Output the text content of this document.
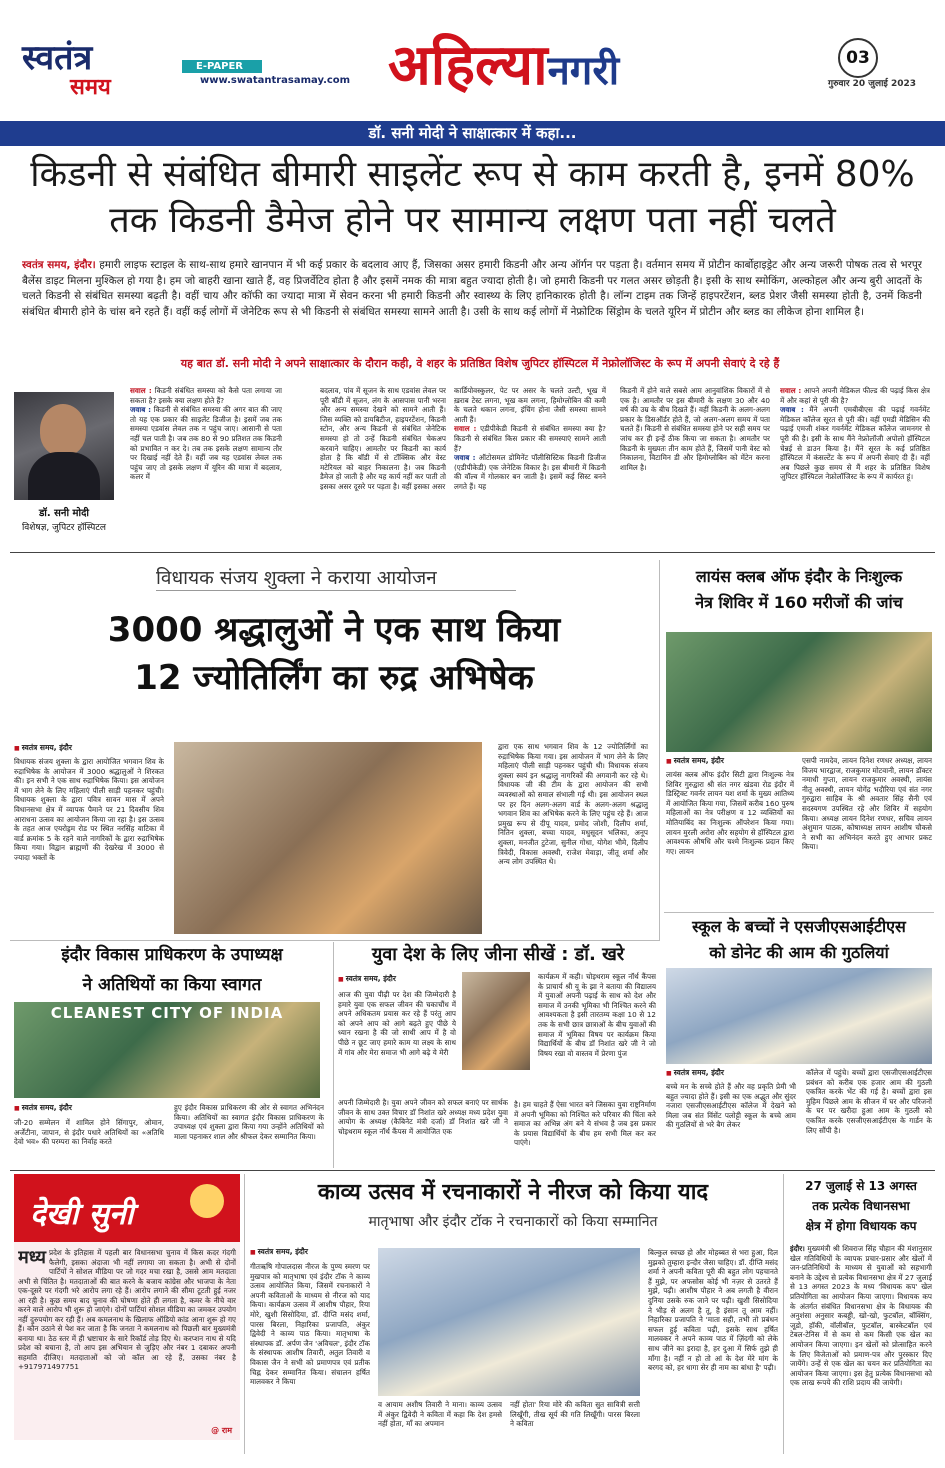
स्वतंत्र
समय
E-PAPER
www.swatantrasamay.com अहिल्यानगरी	03
गुरुवार 20 जुलाई 2023
डॉ. सनी मोदी ने साक्षात्कार में कहा...
किडनी से संबंधित बीमारी साइलेंट रूप से काम करती है, इनमें 80%
तक किडनी डैमेज होने पर सामान्य लक्षण पता नहीं चलते
स्वतंत्र समय, इंदौर। हमारी लाइफ स्टाइल के साथ-साथ हमारे खानपान में भी कई प्रकार के बदलाव आए हैं, जिसका असर हमारी किडनी और अन्य ऑर्गन पर पड़ता है। वर्तमान समय में प्रोटीन कार्बोहाइड्रेट और अन्य जरूरी पोषक तत्व से भरपूर बैलेंस डाइट मिलना मुश्किल हो गया है। हम जो बाहरी खाना खाते हैं, वह प्रिजर्वेटिव होता है और इसमें नमक की मात्रा बहुत ज्यादा होती है। जो हमारी किडनी पर गलत असर छोड़ती है। इसी के साथ स्मोकिंग, अल्कोहल और अन्य बुरी आदतों के चलते किडनी से संबंधित समस्या बढ़ती है। वहीं चाय और कॉफी का ज्यादा मात्रा में सेवन करना भी हमारी किडनी और स्वास्थ्य के लिए हानिकारक होती है। लॉन्ग टाइम तक जिन्हें हाइपरटेंशन, ब्लड प्रेशर जैसी समस्या होती है, उनमें किडनी संबंधित बीमारी होने के चांस बने रहते हैं। वहीं कई लोगों में जेनेटिक रूप से भी किडनी से संबंधित समस्या सामने आती है। उसी के साथ कई लोगों में नेफ्रोटिक सिंड्रोम के चलते यूरिन में प्रोटीन और ब्लड का लीकेज होना शामिल है।
यह बात डॉ. सनी मोदी ने अपने साक्षात्कार के दौरान कही, वे शहर के प्रतिष्ठित विशेष जुपिटर हॉस्पिटल में नेफ्रोलॉजिस्ट के रूप में अपनी सेवाएं दे रहे हैं
डॉ. सनी मोदी
विशेषज्ञ, जुपिटर हॉस्पिटल
सवाल : किडनी संबंधित समस्या को कैसे पता लगाया जा सकता है? इसके क्या लक्षण होते हैं?
जवाब : किडनी से संबंधित समस्या की अगर बात की जाए तो यह एक प्रकार की साइलेंट डिजीज है। इसमें जब तक समस्या एडवांस लेवल तक न पहुंच जाए। आसानी से पता नहीं चल पाती है। जब तक 80 से 90 प्रतिशत तक किडनी को प्रभावित न कर दे। तब तक इसके लक्षण सामान्य तौर पर दिखाई नहीं देते हैं। वहीं जब यह एडवांस लेवल तक पहुंच जाए तो इसके लक्षण में यूरिन की मात्रा में बदलाव, कलर में
बदलाव, पांव में सूजन के साथ एडवांस लेवल पर पूरी बॉडी में सूजन, लंग के आसपास पानी भरना और अन्य समस्या देखने को सामने आती हैं। जिस व्यक्ति को डायबिटीज, हाइपरटेंशन, किडनी स्टोन, और अन्य किडनी से संबंधित जेनेटिक समस्या हो तो उन्हें किडनी संबंधित चेकअप करवाने चाहिए। आमतौर पर किडनी का कार्य होता है कि बॉडी में से टॉक्सिक और वेस्ट मटेरियल को बाहर निकालना है। जब किडनी डैमेज हो जाती है और यह कार्य नहीं कर पाती तो इसका असर दूसरे पर पड़ता है। वहीं इसका असर
कार्डियोवस्कुलर, पेट पर असर के चलते उल्टी, भूख में ख़राब टेस्ट लगना, भूख कम लगना, हिमोग्लोबिन की कमी के चलते थकान लगना, इंचिंग होना जैसी समस्या सामने आती हैं।
सवाल : एडीपीकेडी किडनी से संबंधित समस्या क्या है? किडनी से संबंधित किस प्रकार की समस्याएं सामने आती हैं?
जवाब : ऑटोसमल डोमिनेंट पॉलीसिस्टिक किडनी डिजीज (एडीपीकेडी) एक जेनेटिक विकार है। इस बीमारी में किडनी की वॉल्व में गोलकार बन जाती है। इसमें कई सिस्ट बनने लगते हैं। यह
किडनी में होने वाले सबसे आम आनुवांशिक विकारों में से एक है। आमतौर पर इस बीमारी के लक्षण 30 और 40 वर्ष की उम्र के बीच दिखते हैं। वहीं किडनी के अलग-अलग प्रकार के डिसऑर्डर होते हैं, जो अलग-अलग समय में पता चलते हैं। किडनी से संबंधित समस्या होने पर सही समय पर जांच कर ही इन्हें ठीक किया जा सकता है। आमतौर पर किडनी के मुख्यतः तीन काम होते हैं, जिसमें पानी वेस्ट को निकालना, विटामिन डी और हिमोग्लोबिन को मेंटेन करना शामिल है।
सवाल : आपने अपनी मेडिकल फील्ड की पढ़ाई किस क्षेत्र में और कहां से पूरी की है?
जवाब : मैंने अपनी एमबीबीएस की पढ़ाई गवर्नमेंट मेडिकल कॉलेज सूरत से पूरी की। वहीं एमडी मेडिसिन की पढ़ाई एमजी शंकर गवर्नमेंट मेडिकल कॉलेज जामनगर से पूरी की है। इसी के साथ मैंने नेफ्रोलॉजी अपोलो हॉस्पिटल चेन्नई से डाउन किया है। मैंने सूरत के कई प्रतिष्ठित हॉस्पिटल में कंसल्टेंट के रूप में अपनी सेवाएं दी हैं। वहीं अब पिछले कुछ समय से मैं शहर के प्रतिष्ठित विशेष जुपिटर हॉस्पिटल नेफ्रोलॉजिस्ट के रूप में कार्यरत हूं।
विधायक संजय शुक्ला ने कराया आयोजन
3000 श्रद्धालुओं ने एक साथ किया
12 ज्योतिर्लिंग का रुद्र अभिषेक
■ स्वतंत्र समय, इंदौर
विधायक संजय शुक्ला के द्वारा आयोजित भगवान शिव के रुद्राभिषेक के आयोजन में 3000 श्रद्धालुओं ने शिरकत की। इन सभी ने एक साथ रुद्राभिषेक किया। इस आयोजन में भाग लेने के लिए महिलाएं पीली साड़ी पहनकर पहुंची। विधायक शुक्ला के द्वारा पवित्र सावन मास में अपने विधानसभा क्षेत्र में व्यापक पैमाने पर 21 दिवसीय शिव आराधना उत्सव का आयोजन किया जा रहा है। इस उत्सव के तहत आज एयरोड्रम रोड पर स्थित नरसिंह वाटिका में वार्ड क्रमांक 5 के रहने वाले नागरिकों के द्वारा रुद्राभिषेक किया गया। विद्वान ब्राह्मणों की देखरेख में 3000 से ज्यादा भक्तों के
द्वारा एक साथ भगवान शिव के 12 ज्योतिर्लिंगों का रुद्राभिषेक किया गया। इस आयोजन में भाग लेने के लिए महिलाएं पीली साड़ी पहनकर पहुंची थी। विधायक संजय शुक्ला स्वयं इन श्रद्धालु नागरिकों की अगवानी कर रहे थे। विधायक जी की टीम के द्वारा आयोजन की सभी व्यवस्थाओं को समाल संभाली गई थी। इस आयोजन स्थल पर हर दिन अलग-अलग वार्ड के अलग-अलग श्रद्धालु भगवान शिव का अभिषेक करने के लिए पहुंच रहे हैं। आज प्रमुख रूप से दीपू यादव, प्रमोद जोशी, दिलीप शर्मा, नितिन शुक्ला, बच्चा यादव, मधुसूदन भलिका, अनूप शुक्ला, मनजीत टुटेजा, सुनील गोधा, योगेश भीमे, दिलीप त्रिवेदी, विकास अवस्थी, राजेश मेवाड़ा, जीतू शर्मा और अन्य लोग उपस्थित थे।
लायंस क्लब ऑफ इंदौर के निःशुल्क
नेत्र शिविर में 160 मरीजों की जांच
■ स्वतंत्र समय, इंदौर
लायंस क्लब ऑफ इंदौर सिटी द्वारा निःशुल्क नेत्र शिविर गुरुद्वारा श्री संत नगर खंडवा रोड इंदौर में डिस्ट्रिक्ट गवर्नर लायन यश शर्मा के मुख्य आतिथ्य में आयोजित किया गया, जिसमें करीब 160 पुरुष महिलाओं का नेत्र परीक्षण व 12 व्यक्तियों का मोतियाबिंद का निःशुल्क ऑपरेशन किया गया। लायन मुरली अरोरा और सहयोग से हॉस्पिटल द्वारा आवश्यक औषधि और चश्मे निःशुल्क प्रदान किए गए। लायन
एसपी नामदेव, लायन दिनेश रणधर अध्यक्ष, लायन विजय भारद्वाज, राजकुमार मोटवानी, लायन डॉक्टर नमाधी गुप्ता, लायन राजकुमार अवस्थी, लायंस नीतू अवस्थी, लायन योगेंद्र भदौरिया एवं संत नगर गुरुद्वारा साहिब के श्री अवतार सिंह सैनी एवं सदस्यगण उपस्थित रहे और शिविर में सहयोग किया। अध्यक्ष लायन दिनेश रणधर, सचिव लायन अंशुमान पाठक, कोषाध्यक्ष लायन आशीष चौकसे ने सभी का अभिनंदन करते हुए आभार प्रकट किया।
स्कूल के बच्चों ने एसजीएसआईटीएस
को डोनेट की आम की गुठलियां
■ स्वतंत्र समय, इंदौर
बच्चे मन के सच्चे होते हैं और वह प्रकृति प्रेमी भी बहुत ज्यादा होते हैं। इसी का एक अद्भुत और सुंदर नजारा एसजीएसआईटीएस कॉलेज में देखने को मिला जब संत विंसेंट पलोट्टी स्कूल के बच्चे आम की गुठलियों से भरे बैग लेकर
कॉलेज में पहुंचे। बच्चों द्वारा एसजीएसआईटीएस प्रबंधन को करीब एक हजार आम की गुठली एकत्रित करके भेंट की गई है। बच्चों द्वारा इस मुहिम पिछले आम के सीजन में घर और परिजनों के घर पर खरीदा हुआ आम के गुठली को एकत्रित करके एसजीएसआईटीएस के गार्डन के लिए सौंपी है।
इंदौर विकास प्राधिकरण के उपाध्यक्ष
ने अतिथियों का किया स्वागत
CLEANEST CITY OF INDIA
■ स्वतंत्र समय, इंदौर
जी-20 सम्मेलन में शामिल होने सिंगापुर, ओमान, अर्जेंटीना, जापान, से इंदौर पधारे अतिथियों का «अतिथि देवो भव» की परम्परा का निर्वाह करते
हुए इंदौर विकास प्राधिकरण की ओर से स्वागत अभिनंदन किया। अतिथियों का स्वागत इंदौर विकास प्राधिकरण के उपाध्यक्ष एवं शुक्ला द्वारा किया गया उन्होंने अतिथियों को माला पहनाकर शाल और श्रीफल देकर सम्मानित किया।
युवा देश के लिए जीना सीखें : डॉ. खरे
■ स्वतंत्र समय, इंदौर
आज की युवा पीढ़ी पर देश की जिम्मेदारी है हमारे युवा एक सफल जीवन की चकाचौंध में अपने अधिकतम प्रयास कर रहे हैं परंतु आप को अपने आप को आगे बढ़ते हुए पीछे ये ध्यान रखना है की जो साथी आप में है वो पीछे न छूट जाए हमारे काम या लक्ष्य के साथ में गांव और मेरा समाज भी आगे बढ़े ये मेरी
अपनी जिम्मेदारी है। युवा अपने जीवन को सफल बनाएं पर सार्थक जीवन के साथ उक्त विचार डॉ निशांत खरे अध्यक्ष मध्य प्रदेश युवा आयोग के अध्यक्ष (कैबिनेट मंत्री दर्जा) डॉ निशांत खरे जी ने चोइथराम स्कूल नॉर्थ कैंपस में आयोजित एक
कार्यक्रम में कही। चोइथराम स्कूल नॉर्थ कैंपस के प्राचार्य श्री यू के झा ने बताया की विद्यालय में युवाओं अपनी पढ़ाई के साथ को देश और समाज में उनकी भूमिका भी निश्चित करने की आवश्यकता है इसी तारतम्य कक्षा 10 से 12 तक के सभी छात्र छात्राओं के बीच युवाओं की समाज में भूमिका विषय पर कार्यक्रम किया विद्यार्थियों के बीच डॉ निशांत खरे जी ने जो विषय रखा वो वास्तव में प्रेरणा पुंज
है। हम चाहते हैं ऐसा भारत बने जिसका युवा राष्ट्रनिर्माण में अपनी भूमिका को निश्चित करे परिवार की चिंता करे समाज का अभिन्न अंग बने ये संभव है जब इस प्रकार के प्रयास विद्यार्थियों के बीच हम सभी मिल कर कर पाएंगे।
देखी सुनी
मध्य प्रदेश के इतिहास में पहली बार विधानसभा चुनाव में किस कदर गंदगी फैलेगी, इसका अंदाजा भी नहीं लगाया जा सकता है। अभी से दोनों पार्टियों ने सोशल मीडिया पर जो गदर मचा रखा है, उससे आम मतदाता अभी से चिंतित है। मतदाताओं की बात करने के बजाय कांग्रेस और भाजपा के नेता एक-दूसरे पर गंदगी भरे आरोप लगा रहे हैं। आरोप लगाने की सीमा टूटती हुई नजर आ रही है। कुछ समय बाद चुनाव की घोषणा होते ही लगता है, कमर के नीचे वार करने वाले आरोप भी शुरू हो जाएंगे। दोनों पार्टियां सोशल मीडिया का जमकर उपयोग नहीं दुरुपयोग कर रही हैं। अब कमलनाथ के खिलाफ ऑडियो कांड आना शुरू हो गए हैं। कौन उठाने से पेश कर जाता है कि जनता ने कमलनाथ को पिछली बार मुख्यमंत्री बनाया था। ठेठ स्तर में ही भ्रष्टाचार के सारे रिकॉर्ड तोड़ दिए थे। करप्शन नाथ से यदि प्रदेश को बचाना है, तो आप इस अभियान से जुड़िए और नंबर 1 दबाकर अपनी सहमति दीजिए। मतदाताओं को जो कॉल आ रहे हैं, उसका नंबर है +917971497751
@ राम
काव्य उत्सव में रचनाकारों ने नीरज को किया याद
मातृभाषा और इंदौर टॉक ने रचनाकारों को किया सम्मानित
■ स्वतंत्र समय, इंदौर
गीतऋषि गोपालदास नीरज के पुण्य स्मरण पर मुखपात्र को मातृभाषा एवं इंदौर टॉक ने काव्य उत्सव आयोजित किया, जिसमें रचनाकारों ने अपनी कविताओं के माध्यम से नीरज को याद किया। कार्यक्रम उत्सव में आशीष पौहार, रिया मोरे, खुशी सिसोदिया, डॉ. दीप्ति मसंद शर्मा, पारस बिरला, निहारिका प्रजापति, अंकुर द्विवेदी ने काव्य पाठ किया। मातृभाषा के संस्थापक डॉ. अर्पण जैन 'अविचल', इंदौर टॉक के संस्थापक आशीष तिवारी, अतुल तिवारी व विकास जैन ने सभी को प्रमाणपत्र एवं प्रतीक चिह्न देकर सम्मानित किया। संचालन हर्षित मालवकर ने किया
व आयाम अशीष तिवारी ने माना। काव्य उत्सव में अंकुर द्विवेदी ने कविता में कहा कि देश हमसे नहीं होता, माँ का अपमान
नहीं होता' रिया मोरे की कविता सुत सावित्री सत्ती लिखूँगी, तीख सूर्य की गति लिखूँगी। पारस बिरला ने कविता
बिल्कुल स्वच्छ हो और मोहब्बत से भरा हुआ, दिल मुझको तुम्हारा इन्दौर जैसा चाहिए। डॉ. दीप्ति मसंद शर्मा ने अपनी कविता पूरी की बहुत लोग पहचानते हैं मुझे, पर अफसोस कोई भी नज़र से उतरते हैं मुझे, पढ़ी। आशीष पौहार ने अब लगती है वीरान दुनिया उसके रुक जाने पर पढ़ी। खुशी सिसोदिया ने भीड़ से अलग है तू, है इंसान तू आम नहीं। निहारिका प्रजापति ने 'माता सही, तभी तो प्रबंधन सफल हुई कविता पढ़ी, इसके साथ हर्षित मालवकर ने अपने काव्य पाठ में ज़िंदगी को लेके साथ जीने का इरादा है, हर दुआ में सिर्फ तुझे ही माँगा है। नहीं न हो तो आं के देश मेरे मांग के बरगद को, हर धागा सेर ही नाम का बांधा है' पढ़ी।
27 जुलाई से 13 अगस्त
तक प्रत्येक विधानसभा
क्षेत्र में होगा विधायक कप
इंदौर। मुख्यमंत्री श्री शिवराज सिंह चौहान की मंशानुसार खेल गतिविधियों के व्यापक प्रचार-प्रसार और खेलों में जन-प्रतिनिधियों के माध्यम से युवाओं को सहभागी बनाने के उद्देश्य से प्रत्येक विधानसभा क्षेत्र में 27 जुलाई से 13 अगस्त 2023 के मध्य 'विधायक कप' खेल प्रतियोगिता का आयोजन किया जाएगा। विधायक कप के अंतर्गत संबंधित विधानसभा क्षेत्र के विधायक की अनुशंसा अनुसार कबड्डी, खो-खो, फुटबॉल, बॉक्सिंग, जूडो, हॉकी, वॉलीबॉल, फुटबॉल, बास्केटबॉल एवं टेबल-टेनिस में से कम से कम किसी एक खेल का आयोजन किया जाएगा। इन खेलों को प्रोत्साहित करने के लिए विजेताओं को प्रमाण-पत्र और पुरस्कार दिए जायेंगे। उन्हें से एक खेल का चयन कर प्रतियोगिता का आयोजन किया जाएगा। इस हेतु प्रत्येक विधानसभा को एक लाख रूपये की राशि प्रदाय की जायेगी।
